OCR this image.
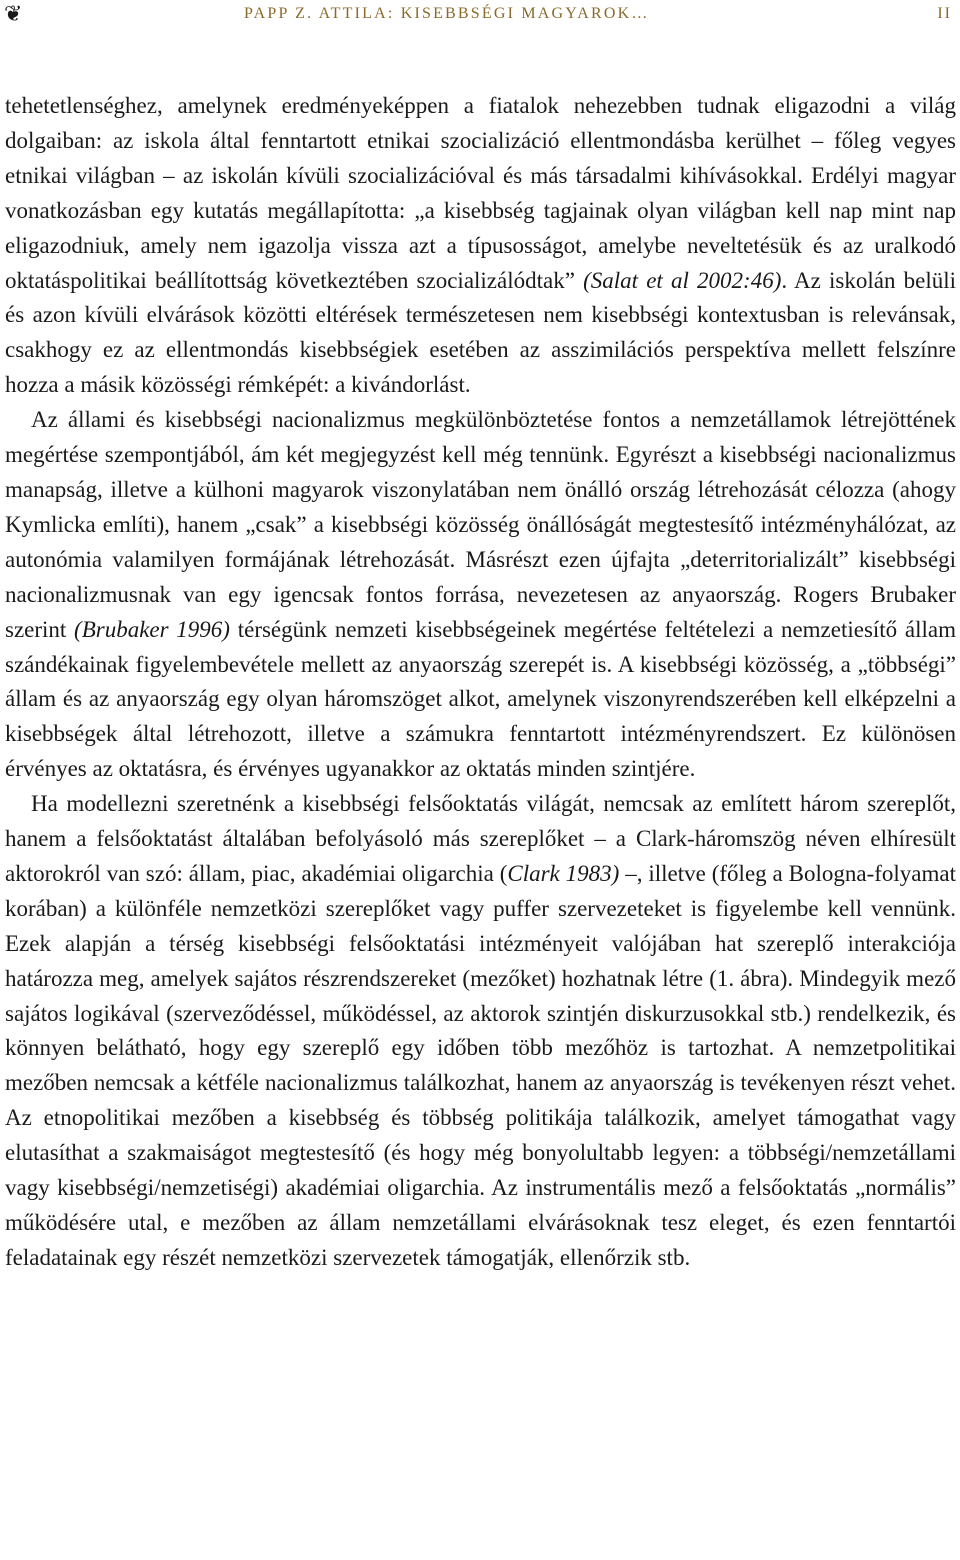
❦	PAPP Z. ATTILA: KISEBBSÉGI MAGYAROK…	II

tehetetlenséghez, amelynek eredményeképpen a fiatalok nehezebben tudnak eligazodni a világ dolgaiban: az iskola által fenntartott etnikai szocializáció ellentmondásba kerülhet – főleg vegyes etnikai világban – az iskolán kívüli szocializációval és más társadalmi kihívásokkal. Erdélyi magyar vonatkozásban egy kutatás megállapította: „a kisebbség tagjainak olyan világban kell nap mint nap eligazodniuk, amely nem igazolja vissza azt a típusosságot, amelybe neveltetésük és az uralkodó oktatáspolitikai beállítottság következtében szocializálódtak” (Salat et al 2002:46). Az iskolán belüli és azon kívüli elvárások közötti eltérések természetesen nem kisebbségi kontextusban is relevánsak, csakhogy ez az ellentmondás kisebbségiek esetében az asszimilációs perspektíva mellett felszínre hozza a másik közösségi rémképét: a kivándorlást.

Az állami és kisebbségi nacionalizmus megkülönböztetése fontos a nemzetállamok létrejöttének megértése szempontjából, ám két megjegyzést kell még tennünk. Egyrészt a kisebbségi nacionalizmus manapság, illetve a külhoni magyarok viszonylatában nem önálló ország létrehozását célozza (ahogy Kymlicka említi), hanem „csak” a kisebbségi közösség önállóságát megtestesítő intézményhálózat, az autonómia valamilyen formájának létrehozását. Másrészt ezen újfajta „deterritorializált” kisebbségi nacionalizmusnak van egy igencsak fontos forrása, nevezetesen az anyaország. Rogers Brubaker szerint (Brubaker 1996) térségünk nemzeti kisebbségeinek megértése feltételezi a nemzetiesítő állam szándékainak figyelembevétele mellett az anyaország szerepét is. A kisebbségi közösség, a „többségi” állam és az anyaország egy olyan háromszöget alkot, amelynek viszonyrendszerében kell elképzelni a kisebbségek által létrehozott, illetve a számukra fenntartott intézményrendszert. Ez különösen érvényes az oktatásra, és érvényes ugyanakkor az oktatás minden szintjére.

Ha modellezni szeretnénk a kisebbségi felsőoktatás világát, nemcsak az említett három szereplőt, hanem a felsőoktatást általában befolyásoló más szereplőket – a Clark-háromszög néven elhíresült aktorokról van szó: állam, piac, akadémiai oligarchia (Clark 1983) –, illetve (főleg a Bologna-folyamat korában) a különféle nemzetközi szereplőket vagy puffer szervezeteket is figyelembe kell vennünk. Ezek alapján a térség kisebbségi felsőoktatási intézményeit valójában hat szereplő interakciója határozza meg, amelyek sajátos részrendszereket (mezőket) hozhatnak létre (1. ábra). Mindegyik mező sajátos logikával (szerveződéssel, működéssel, az aktorok szintjén diskurzusokkal stb.) rendelkezik, és könnyen belátható, hogy egy szereplő egy időben több mezőhöz is tartozhat. A nemzetpolitikai mezőben nemcsak a kétféle nacionalizmus találkozhat, hanem az anyaország is tevékenyen részt vehet. Az etnopolitikai mezőben a kisebbség és többség politikája találkozik, amelyet támogathat vagy elutasíthat a szakmaiságot megtestesítő (és hogy még bonyolultabb legyen: a többségi/nemzetállami vagy kisebbségi/nemzetiségi) akadémiai oligarchia. Az instrumentális mező a felsőoktatás „normális” működésére utal, e mezőben az állam nemzetállami elvárásoknak tesz eleget, és ezen fenntartói feladatainak egy részét nemzetközi szervezetek támogatják, ellenőrzik stb.
